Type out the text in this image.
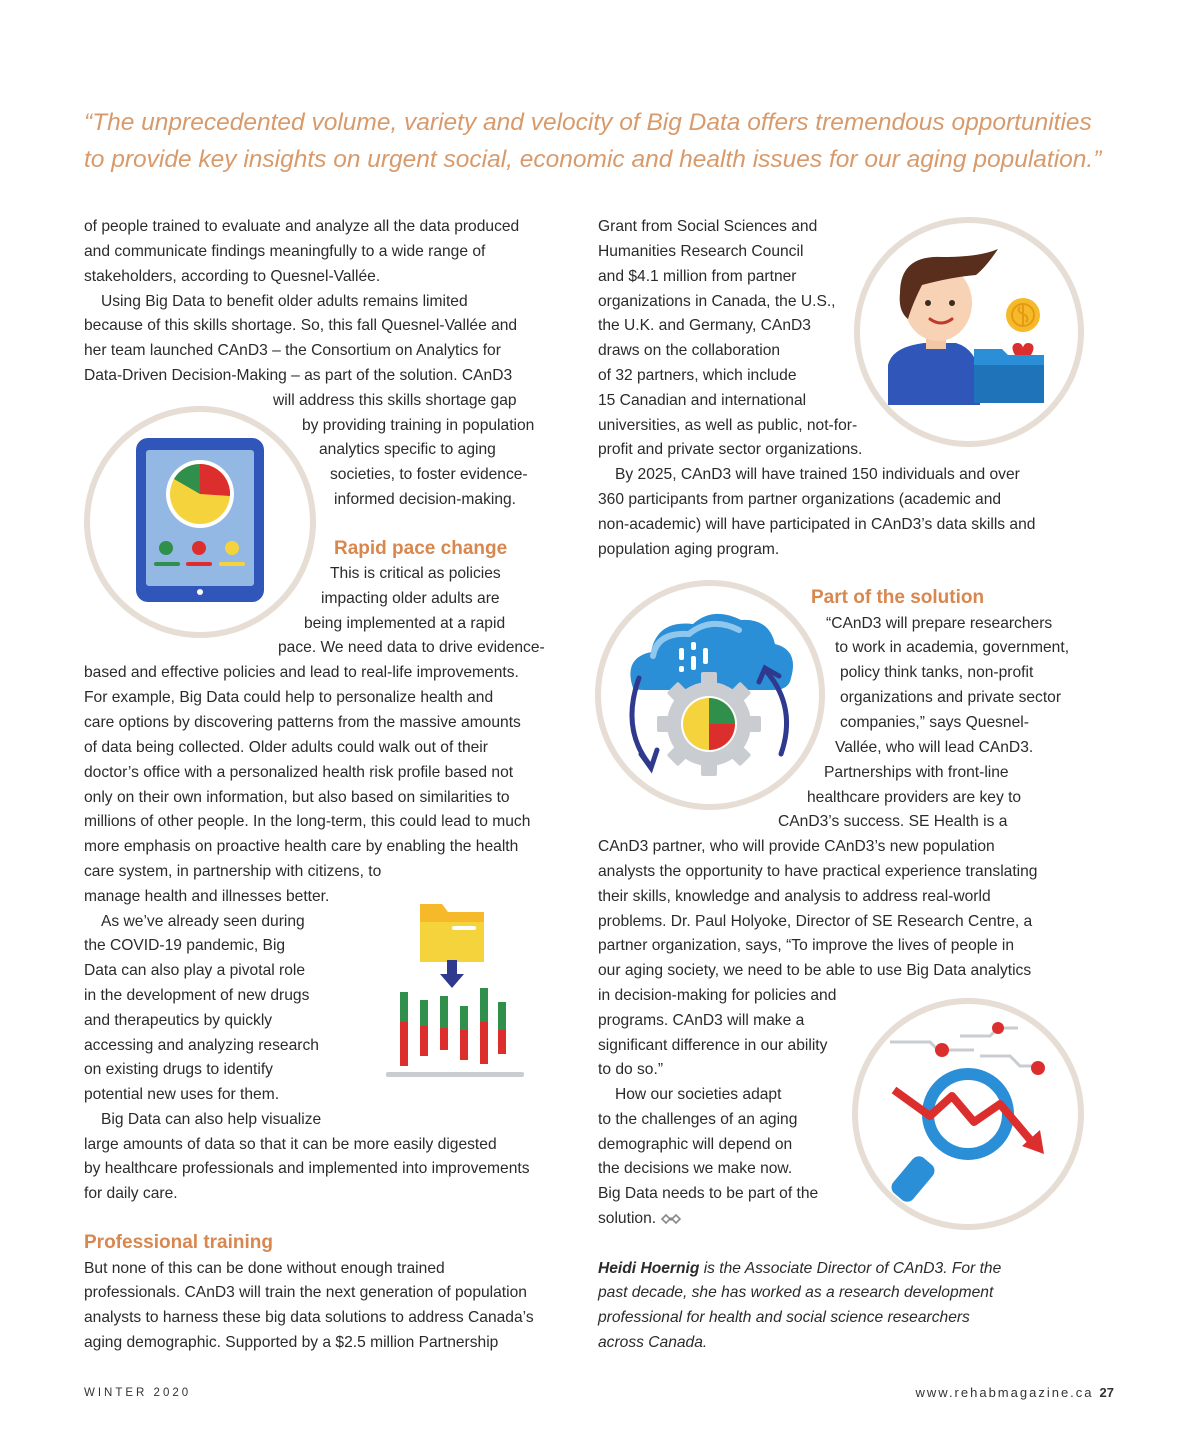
“The unprecedented volume, variety and velocity of Big Data offers tremendous opportunities to provide key insights on urgent social, economic and health issues for our aging population.”

of people trained to evaluate and analyze all the data produced
and communicate findings meaningfully to a wide range of
stakeholders, according to Quesnel-Vallée.
Using Big Data to benefit older adults remains limited
because of this skills shortage. So, this fall Quesnel-Vallée and
her team launched CAnD3 – the Consortium on Analytics for
Data-Driven Decision-Making – as part of the solution. CAnD3
will address this skills shortage gap
by providing training in population
analytics specific to aging
societies, to foster evidence-
informed decision-making.
Rapid pace change
This is critical as policies
impacting older adults are
being implemented at a rapid
pace. We need data to drive evidence-
based and effective policies and lead to real-life improvements.
For example, Big Data could help to personalize health and
care options by discovering patterns from the massive amounts
of data being collected. Older adults could walk out of their
doctor’s office with a personalized health risk profile based not
only on their own information, but also based on similarities to
millions of other people. In the long-term, this could lead to much
more emphasis on proactive health care by enabling the health
care system, in partnership with citizens, to
manage health and illnesses better.
As we’ve already seen during
the COVID-19 pandemic, Big
Data can also play a pivotal role
in the development of new drugs
and therapeutics by quickly
accessing and analyzing research
on existing drugs to identify
potential new uses for them.
Big Data can also help visualize
large amounts of data so that it can be more easily digested
by healthcare professionals and implemented into improvements
for daily care.
Professional training
But none of this can be done without enough trained
professionals. CAnD3 will train the next generation of population
analysts to harness these big data solutions to address Canada’s
aging demographic. Supported by a $2.5 million Partnership
Grant from Social Sciences and
Humanities Research Council
and $4.1 million from partner
organizations in Canada, the U.S.,
the U.K. and Germany, CAnD3
draws on the collaboration
of 32 partners, which include
15 Canadian and international
universities, as well as public, not-for-
profit and private sector organizations.
By 2025, CAnD3 will have trained 150 individuals and over
360 participants from partner organizations (academic and
non-academic) will have participated in CAnD3’s data skills and
population aging program.
Part of the solution
“CAnD3 will prepare researchers
to work in academia, government,
policy think tanks, non-profit
organizations and private sector
companies,” says Quesnel-
Vallée, who will lead CAnD3.
Partnerships with front-line
healthcare providers are key to
CAnD3’s success. SE Health is a
CAnD3 partner, who will provide CAnD3’s new population
analysts the opportunity to have practical experience translating
their skills, knowledge and analysis to address real-world
problems. Dr. Paul Holyoke, Director of SE Research Centre, a
partner organization, says, “To improve the lives of people in
our aging society, we need to be able to use Big Data analytics
in decision-making for policies and
programs. CAnD3 will make a
significant difference in our ability
to do so.”
How our societies adapt
to the challenges of an aging
demographic will depend on
the decisions we make now.
Big Data needs to be part of the
solution.
Heidi Hoernig is the Associate Director of CAnD3. For the
past decade, she has worked as a research development
professional for health and social science researchers
across Canada.
WINTER 2020	www.rehabmagazine.ca 27
